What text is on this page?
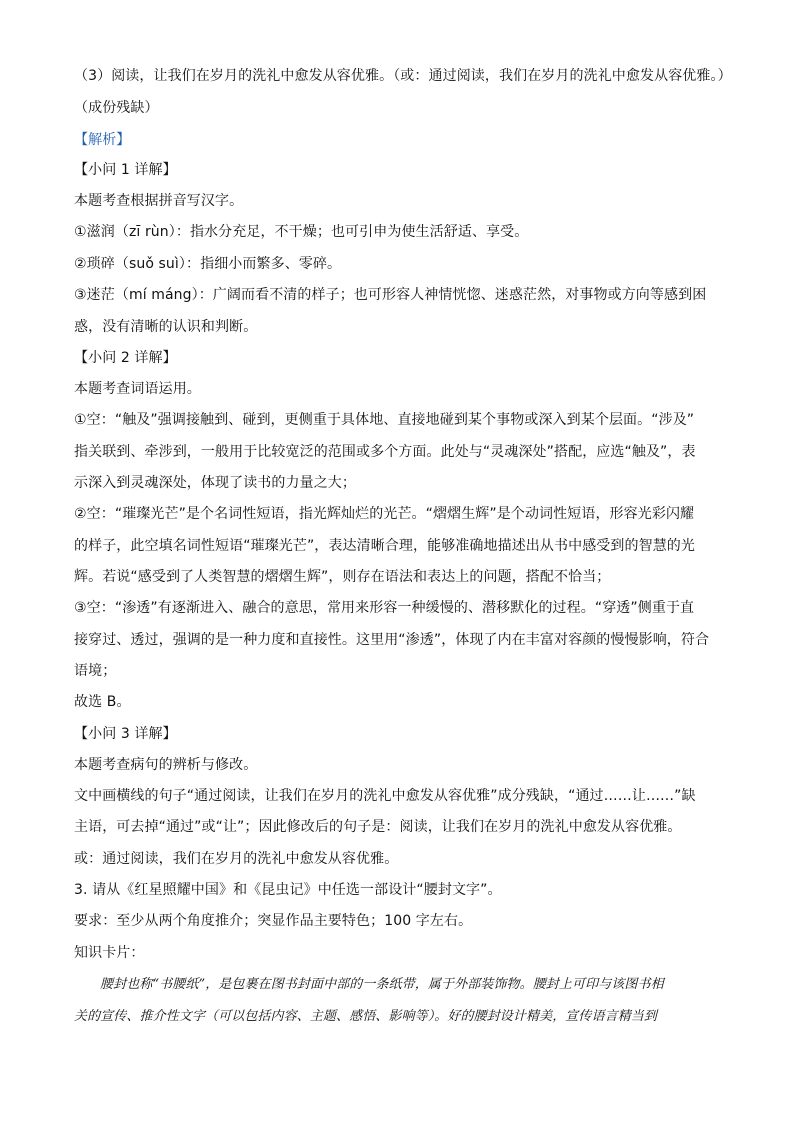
（3）阅读，让我们在岁月的洗礼中愈发从容优雅。（或：通过阅读，我们在岁月的洗礼中愈发从容优雅。）
（成份残缺）
【解析】
【小问 1 详解】
本题考查根据拼音写汉字。
①滋润（zī rùn）：指水分充足，不干燥；也可引申为使生活舒适、享受。
②琐碎（suǒ suì）：指细小而繁多、零碎。
③迷茫（mí máng）：广阔而看不清的样子；也可形容人神情恍惚、迷惑茫然，对事物或方向等感到困
惑，没有清晰的认识和判断。
【小问 2 详解】
本题考查词语运用。
①空：“触及”强调接触到、碰到，更侧重于具体地、直接地碰到某个事物或深入到某个层面。“涉及”
指关联到、牵涉到，一般用于比较宽泛的范围或多个方面。此处与“灵魂深处”搭配，应选“触及”，表
示深入到灵魂深处，体现了读书的力量之大；
②空：“璀璨光芒”是个名词性短语，指光辉灿烂的光芒。“熠熠生辉”是个动词性短语，形容光彩闪耀
的样子，此空填名词性短语“璀璨光芒”，表达清晰合理，能够准确地描述出从书中感受到的智慧的光
辉。若说“感受到了人类智慧的熠熠生辉”，则存在语法和表达上的问题，搭配不恰当；
③空：“渗透”有逐渐进入、融合的意思，常用来形容一种缓慢的、潜移默化的过程。“穿透”侧重于直
接穿过、透过，强调的是一种力度和直接性。这里用“渗透”，体现了内在丰富对容颜的慢慢影响，符合
语境；
故选 B。
【小问 3 详解】
本题考查病句的辨析与修改。
文中画横线的句子“通过阅读，让我们在岁月的洗礼中愈发从容优雅”成分残缺，“通过……让……”缺
主语，可去掉“通过”或“让”；因此修改后的句子是：阅读，让我们在岁月的洗礼中愈发从容优雅。
或：通过阅读，我们在岁月的洗礼中愈发从容优雅。
3. 请从《红星照耀中国》和《昆虫记》中任选一部设计“腰封文字”。
要求：至少从两个角度推介；突显作品主要特色；100 字左右。
知识卡片：
腰封也称“书腰纸”，是包裹在图书封面中部的一条纸带，属于外部装饰物。腰封上可印与该图书相
关的宣传、推介性文字（可以包括内容、主题、感悟、影响等）。好的腰封设计精美，宣传语言精当到
